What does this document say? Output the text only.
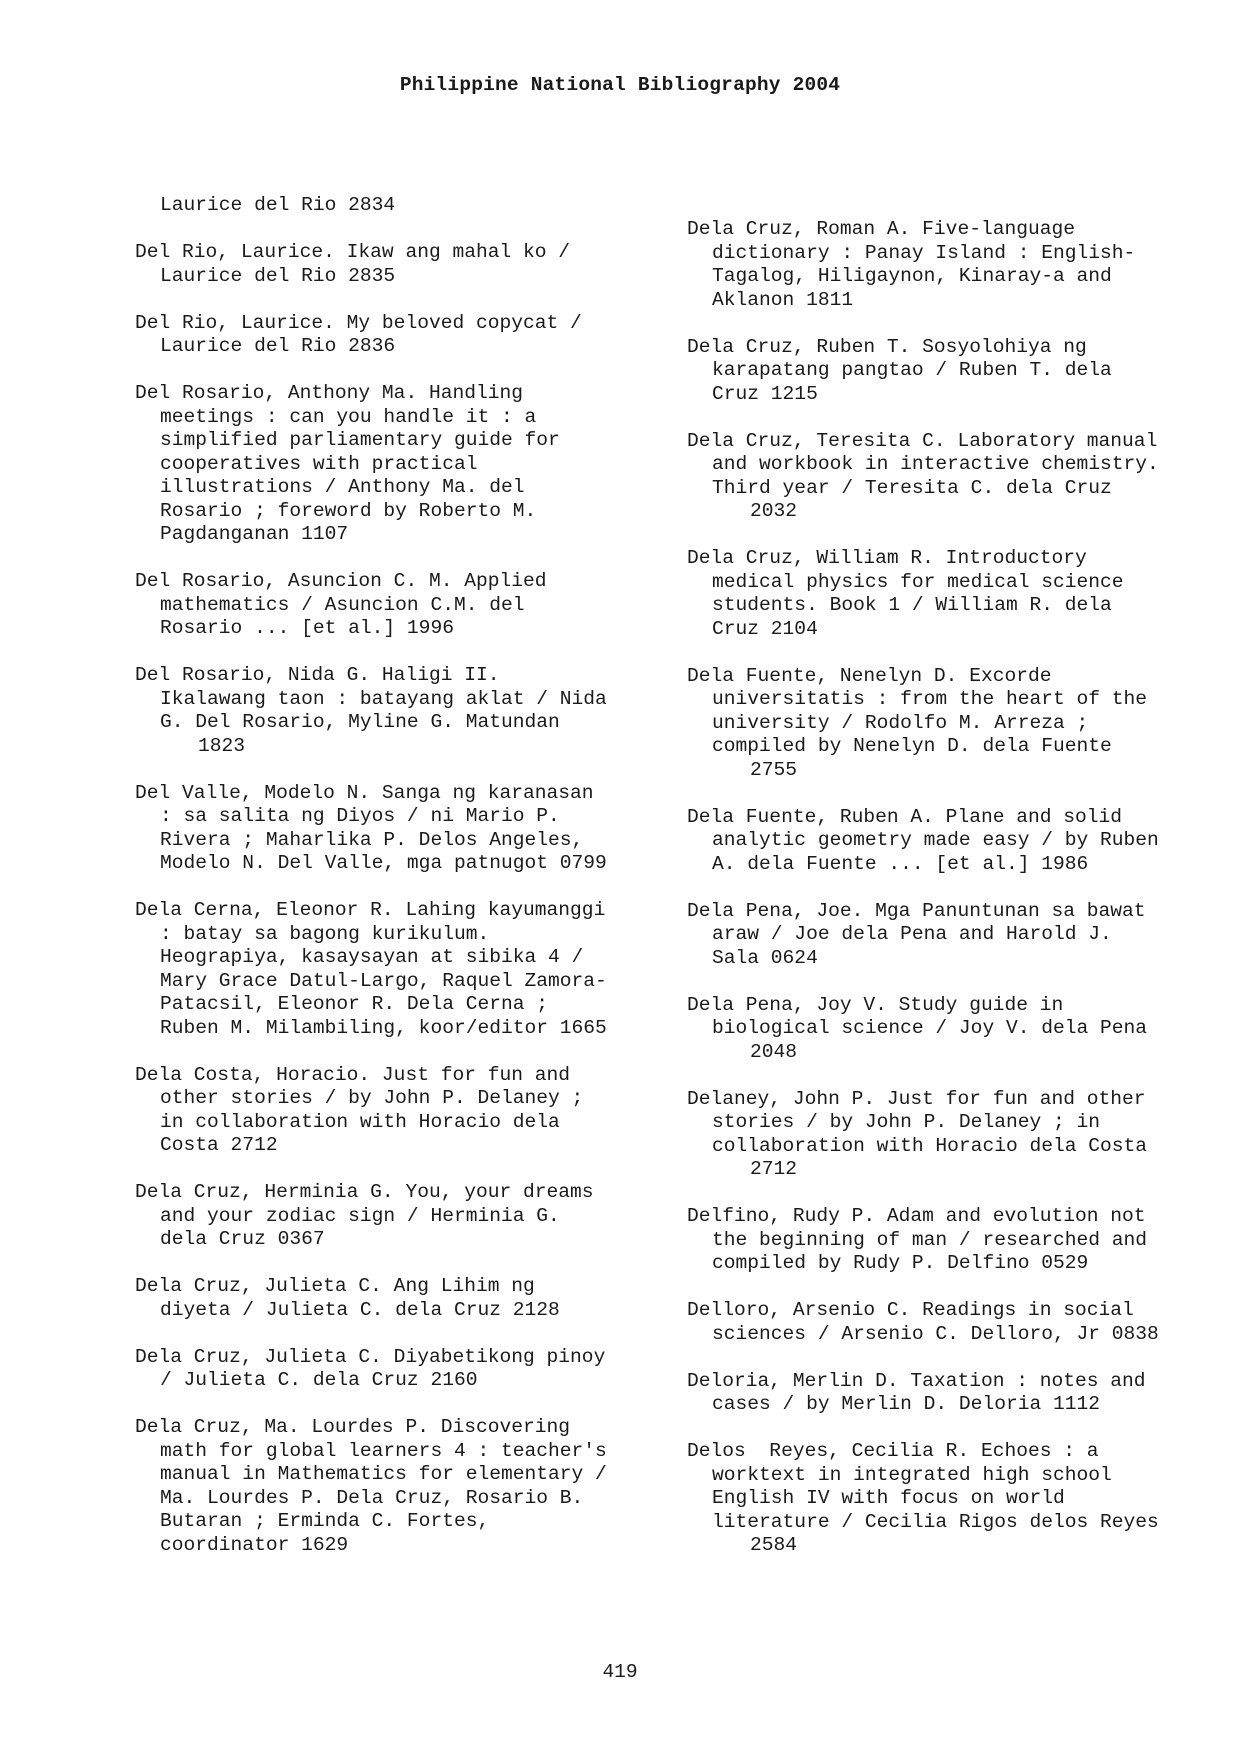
Philippine National Bibliography 2004
Laurice del Rio 2834
Del Rio, Laurice. Ikaw ang mahal ko /
Laurice del Rio 2835
Del Rio, Laurice. My beloved copycat /
Laurice del Rio 2836
Del Rosario, Anthony Ma. Handling
meetings : can you handle it : a
simplified parliamentary guide for
cooperatives with practical
illustrations / Anthony Ma. del
Rosario ; foreword by Roberto M.
Pagdanganan 1107
Del Rosario, Asuncion C. M. Applied
mathematics / Asuncion C.M. del
Rosario ... [et al.] 1996
Del Rosario, Nida G. Haligi II.
Ikalawang taon : batayang aklat / Nida
G. Del Rosario, Myline G. Matundan
1823
Del Valle, Modelo N. Sanga ng karanasan
: sa salita ng Diyos / ni Mario P.
Rivera ; Maharlika P. Delos Angeles,
Modelo N. Del Valle, mga patnugot 0799
Dela Cerna, Eleonor R. Lahing kayumanggi
: batay sa bagong kurikulum.
Heograpiya, kasaysayan at sibika 4 /
Mary Grace Datul-Largo, Raquel Zamora-
Patacsil, Eleonor R. Dela Cerna ;
Ruben M. Milambiling, koor/editor 1665
Dela Costa, Horacio. Just for fun and
other stories / by John P. Delaney ;
in collaboration with Horacio dela
Costa 2712
Dela Cruz, Herminia G. You, your dreams
and your zodiac sign / Herminia G.
dela Cruz 0367
Dela Cruz, Julieta C. Ang Lihim ng
diyeta / Julieta C. dela Cruz 2128
Dela Cruz, Julieta C. Diyabetikong pinoy
/ Julieta C. dela Cruz 2160
Dela Cruz, Ma. Lourdes P. Discovering
math for global learners 4 : teacher's
manual in Mathematics for elementary /
Ma. Lourdes P. Dela Cruz, Rosario B.
Butaran ; Erminda C. Fortes,
coordinator 1629
Dela Cruz, Roman A. Five-language
dictionary : Panay Island : English-
Tagalog, Hiligaynon, Kinaray-a and
Aklanon 1811
Dela Cruz, Ruben T. Sosyolohiya ng
karapatang pangtao / Ruben T. dela
Cruz 1215
Dela Cruz, Teresita C. Laboratory manual
and workbook in interactive chemistry.
Third year / Teresita C. dela Cruz
2032
Dela Cruz, William R. Introductory
medical physics for medical science
students. Book 1 / William R. dela
Cruz 2104
Dela Fuente, Nenelyn D. Excorde
universitatis : from the heart of the
university / Rodolfo M. Arreza ;
compiled by Nenelyn D. dela Fuente
2755
Dela Fuente, Ruben A. Plane and solid
analytic geometry made easy / by Ruben
A. dela Fuente ... [et al.] 1986
Dela Pena, Joe. Mga Panuntunan sa bawat
araw / Joe dela Pena and Harold J.
Sala 0624
Dela Pena, Joy V. Study guide in
biological science / Joy V. dela Pena
2048
Delaney, John P. Just for fun and other
stories / by John P. Delaney ; in
collaboration with Horacio dela Costa
2712
Delfino, Rudy P. Adam and evolution not
the beginning of man / researched and
compiled by Rudy P. Delfino 0529
Delloro, Arsenio C. Readings in social
sciences / Arsenio C. Delloro, Jr 0838
Deloria, Merlin D. Taxation : notes and
cases / by Merlin D. Deloria 1112
Delos  Reyes, Cecilia R. Echoes : a
worktext in integrated high school
English IV with focus on world
literature / Cecilia Rigos delos Reyes
2584
419
